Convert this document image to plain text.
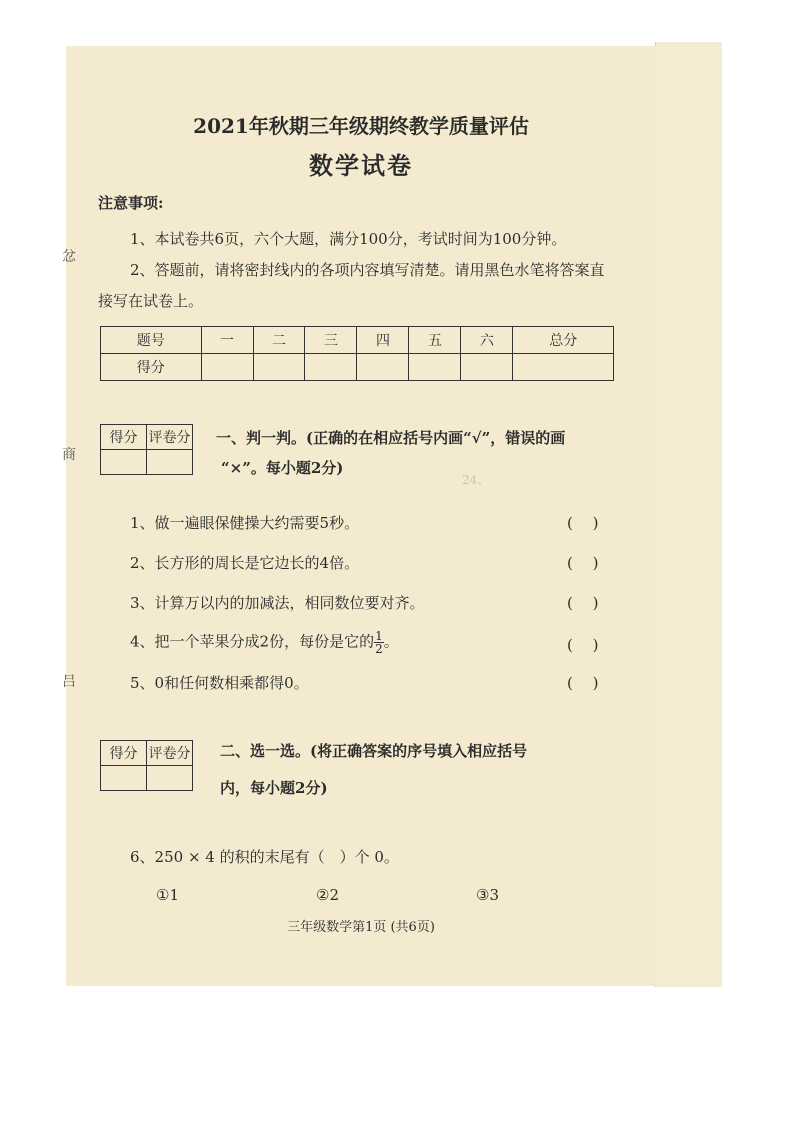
忿
商
吕
2021年秋期三年级期终教学质量评估
数学试卷
注意事项:
1、本试卷共6页，六个大题，满分100分，考试时间为100分钟。
2、答题前，请将密封线内的各项内容填写清楚。请用黑色水笔将答案直
接写在试卷上。
题号	一	二	三	四	五	六	总分
得分							
24、
得分	评卷分
	一、判一判。(正确的在相应括号内画“√”，错误的画
“×”。每小题2分)
1、做一遍眼保健操大约需要5秒。	(　 )
2、长方形的周长是它边长的4倍。	(　 )
3、计算万以内的加减法，相同数位要对齐。	(　 )
4、把一个苹果分成2份，每份是它的 $\frac{1}{2}$ 。	(　 )
5、0和任何数相乘都得0。	(　 )
得分	评卷分
	二、选一选。(将正确答案的序号填入相应括号
内，每小题2分)
6、250 × 4 的积的末尾有（　）个 0。
①1	②2	③3
三年级数学第1页 (共6页)
